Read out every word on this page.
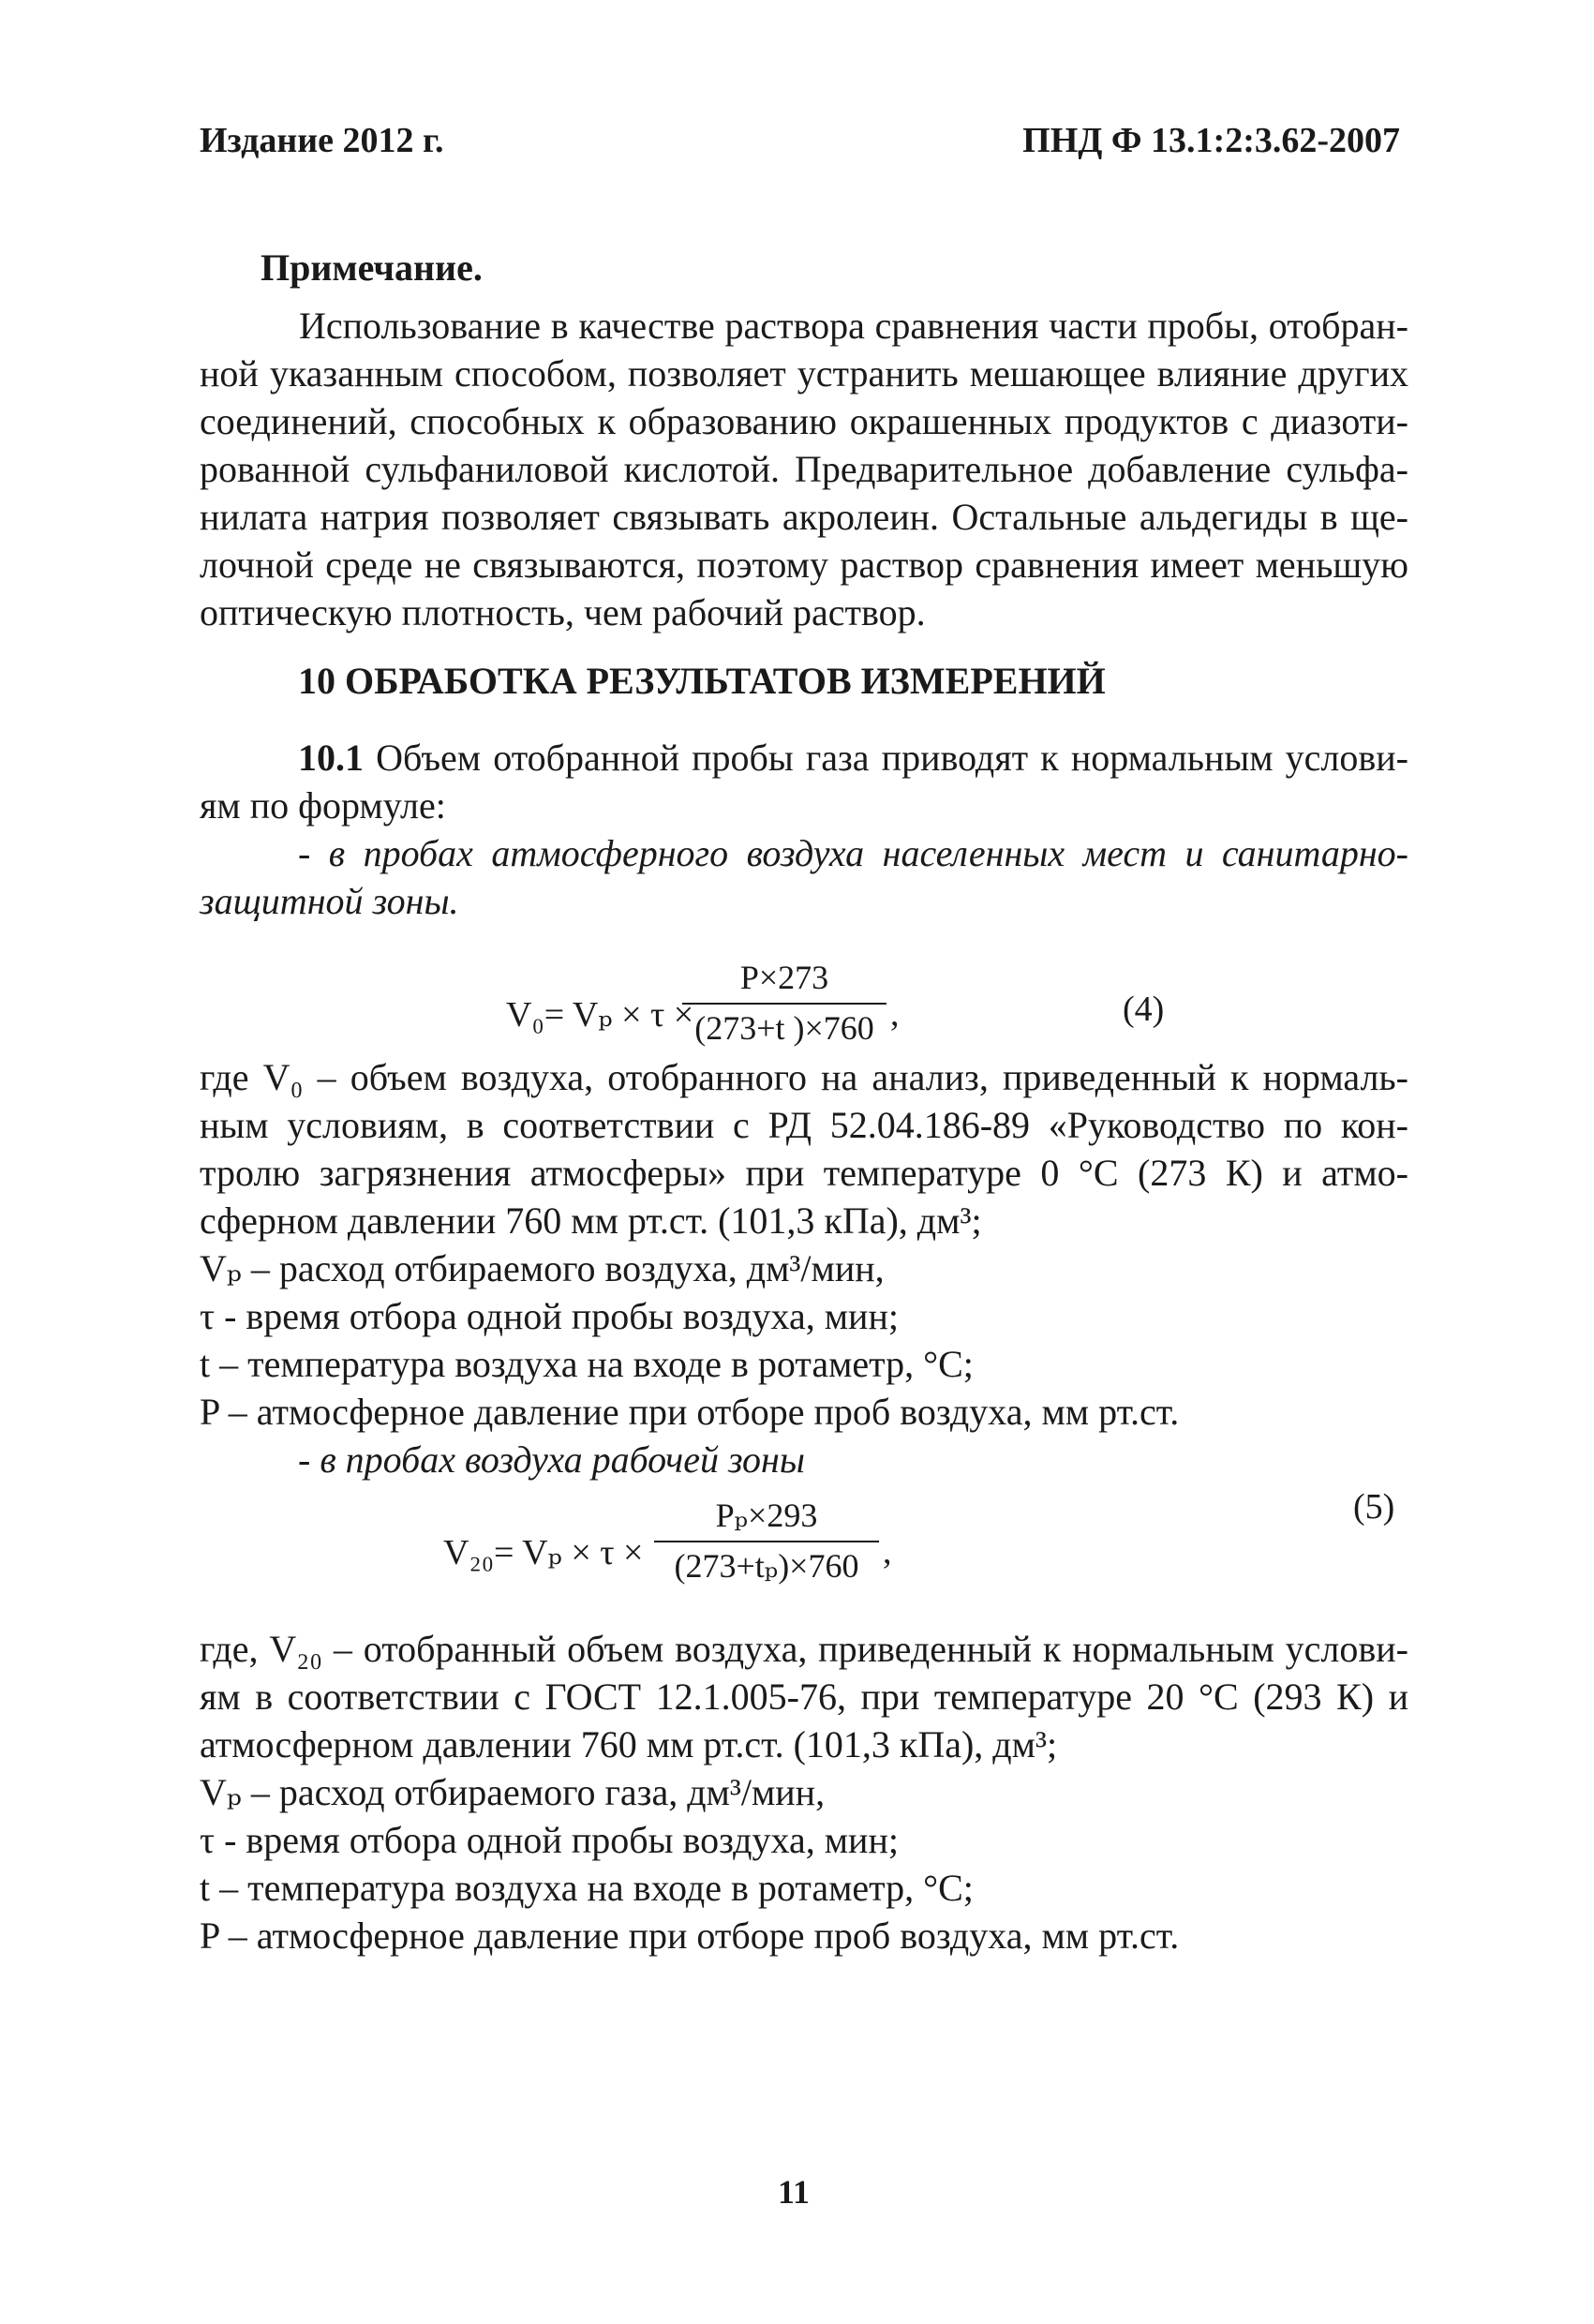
Издание 2012 г.	ПНД Ф 13.1:2:3.62-2007
Примечание.
Использование в качестве раствора сравнения части пробы, отобран-
ной указанным способом, позволяет устранить мешающее влияние других
соединений, способных к образованию окрашенных продуктов с диазоти-
рованной сульфаниловой кислотой. Предварительное добавление сульфа-
нилата натрия позволяет связывать акролеин. Остальные альдегиды в ще-
лочной среде не связываются, поэтому раствор сравнения имеет меньшую
оптическую плотность, чем рабочий раствор.
10 ОБРАБОТКА РЕЗУЛЬТАТОВ ИЗМЕРЕНИЙ
10.1 Объем отобранной пробы газа приводят к нормальным услови-
ям по формуле:
- в пробах атмосферного воздуха населенных мест и санитарно-
защитной зоны.
V₀= Vₚ × τ ×
P×273
(273+t )×760 ,	(4)
где V₀ – объем воздуха, отобранного на анализ, приведенный к нормаль-
ным условиям, в соответствии с РД 52.04.186-89 «Руководство по кон-
тролю загрязнения атмосферы» при температуре 0 °С (273 К) и атмо-
сферном давлении 760 мм рт.ст. (101,3 кПа), дм³;
Vₚ – расход отбираемого воздуха, дм³/мин,
τ - время отбора одной пробы воздуха, мин;
t – температура воздуха на входе в ротаметр, °С;
P – атмосферное давление при отборе проб воздуха, мм рт.ст.
- в пробах воздуха рабочей зоны
V₂₀= Vₚ × τ ×
Pₚ×293
(273+tₚ)×760 ,
(5)
где, V₂₀ – отобранный объем воздуха, приведенный к нормальным услови-
ям в соответствии с ГОСТ 12.1.005-76, при температуре 20 °С (293 К) и
атмосферном давлении 760 мм рт.ст. (101,3 кПа), дм³;
Vₚ – расход отбираемого газа, дм³/мин,
τ - время отбора одной пробы воздуха, мин;
t – температура воздуха на входе в ротаметр, °С;
P – атмосферное давление при отборе проб воздуха, мм рт.ст.
11
